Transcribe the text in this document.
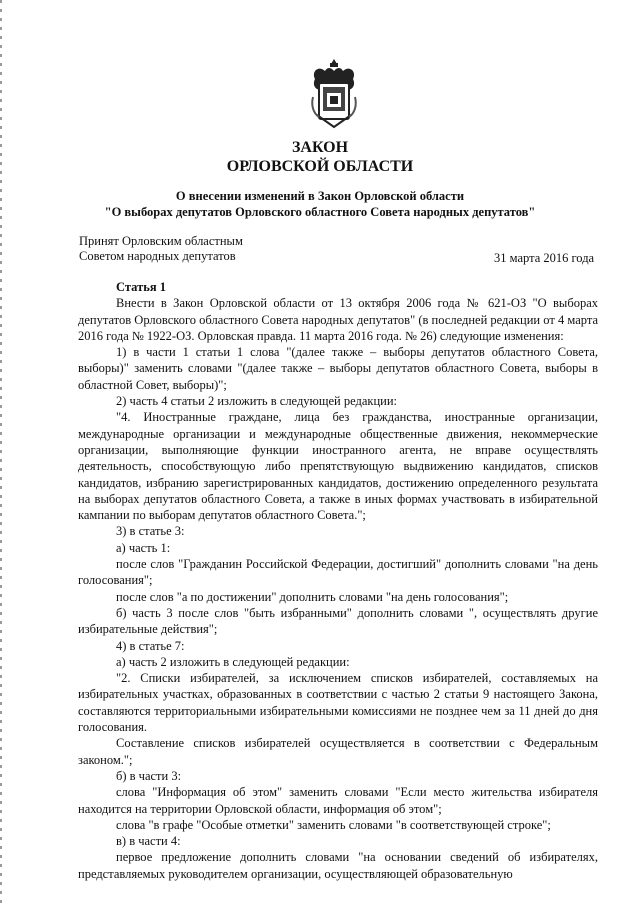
ЗАКОН
ОРЛОВСКОЙ ОБЛАСТИ
О внесении изменений в Закон Орловской области
"О выборах депутатов Орловского областного Совета народных депутатов"
Принят Орловским областным
Советом народных депутатов	31 марта 2016 года
Статья 1

Внести в Закон Орловской области от 13 октября 2006 года № 621-ОЗ "О выборах депутатов Орловского областного Совета народных депутатов" (в последней редакции от 4 марта 2016 года № 1922-ОЗ. Орловская правда. 11 марта 2016 года. № 26) следующие изменения:

1) в части 1 статьи 1 слова "(далее также – выборы депутатов областного Совета, выборы)" заменить словами "(далее также – выборы депутатов областного Совета, выборы в областной Совет, выборы)";

2) часть 4 статьи 2 изложить в следующей редакции:

"4. Иностранные граждане, лица без гражданства, иностранные организации, международные организации и международные общественные движения, некоммерческие организации, выполняющие функции иностранного агента, не вправе осуществлять деятельность, способствующую либо препятствующую выдвижению кандидатов, списков кандидатов, избранию зарегистрированных кандидатов, достижению определенного результата на выборах депутатов областного Совета, а также в иных формах участвовать в избирательной кампании по выборам депутатов областного Совета.";

3) в статье 3:

а) часть 1:

после слов "Гражданин Российской Федерации, достигший" дополнить словами "на день голосования";

после слов "а по достижении" дополнить словами "на день голосования";

б) часть 3 после слов "быть избранными" дополнить словами ", осуществлять другие избирательные действия";

4) в статье 7:

а) часть 2 изложить в следующей редакции:

"2. Списки избирателей, за исключением списков избирателей, составляемых на избирательных участках, образованных в соответствии с частью 2 статьи 9 настоящего Закона, составляются территориальными избирательными комиссиями не позднее чем за 11 дней до дня голосования.

Составление списков избирателей осуществляется в соответствии с Федеральным законом.";

б) в части 3:

слова "Информация об этом" заменить словами "Если место жительства избирателя находится на территории Орловской области, информация об этом";

слова "в графе "Особые отметки" заменить словами "в соответствующей строке";

в) в части 4:

первое предложение дополнить словами "на основании сведений об избирателях, представляемых руководителем организации, осуществляющей образовательную
